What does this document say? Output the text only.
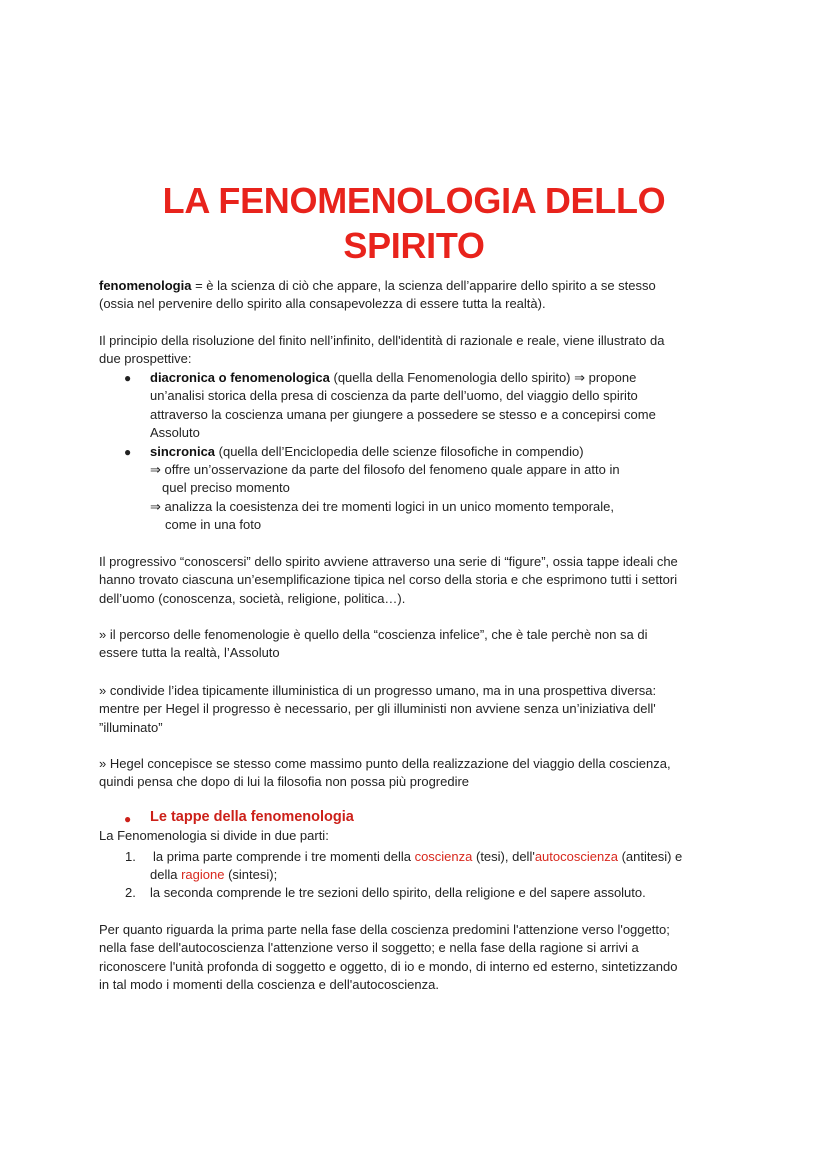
LA FENOMENOLOGIA DELLO
SPIRITO
fenomenologia = è la scienza di ciò che appare, la scienza dell’apparire dello spirito a se stesso
(ossia nel pervenire dello spirito alla consapevolezza di essere tutta la realtà).
Il principio della risoluzione del finito nell’infinito, dell'identità di razionale e reale, viene illustrato da
due prospettive:
● diacronica o fenomenologica (quella della Fenomenologia dello spirito) ⇒ propone
un’analisi storica della presa di coscienza da parte dell’uomo, del viaggio dello spirito
attraverso la coscienza umana per giungere a possedere se stesso e a concepirsi come
Assoluto
● sincronica (quella dell’Enciclopedia delle scienze filosofiche in compendio)
⇒ offre un’osservazione da parte del filosofo del fenomeno quale appare in atto in
quel preciso momento
⇒ analizza la coesistenza dei tre momenti logici in un unico momento temporale,
come in una foto
Il progressivo “conoscersi” dello spirito avviene attraverso una serie di “figure”, ossia tappe ideali che
hanno trovato ciascuna un’esemplificazione tipica nel corso della storia e che esprimono tutti i settori
dell’uomo (conoscenza, società, religione, politica…).
» il percorso delle fenomenologie è quello della “coscienza infelice”, che è tale perchè non sa di
essere tutta la realtà, l’Assoluto
» condivide l’idea tipicamente illuministica di un progresso umano, ma in una prospettiva diversa:
mentre per Hegel il progresso è necessario, per gli illuministi non avviene senza un’iniziativa dell'
”illuminato”
» Hegel concepisce se stesso come massimo punto della realizzazione del viaggio della coscienza,
quindi pensa che dopo di lui la filosofia non possa più progredire
● Le tappe della fenomenologia
La Fenomenologia si divide in due parti:
1. la prima parte comprende i tre momenti della coscienza (tesi), dell'autocoscienza (antitesi) e
della ragione (sintesi);
2. la seconda comprende le tre sezioni dello spirito, della religione e del sapere assoluto.
Per quanto riguarda la prima parte nella fase della coscienza predomini l'attenzione verso l'oggetto;
nella fase dell'autocoscienza l'attenzione verso il soggetto; e nella fase della ragione si arrivi a
riconoscere l'unità profonda di soggetto e oggetto, di io e mondo, di interno ed esterno, sintetizzando
in tal modo i momenti della coscienza e dell'autocoscienza.
